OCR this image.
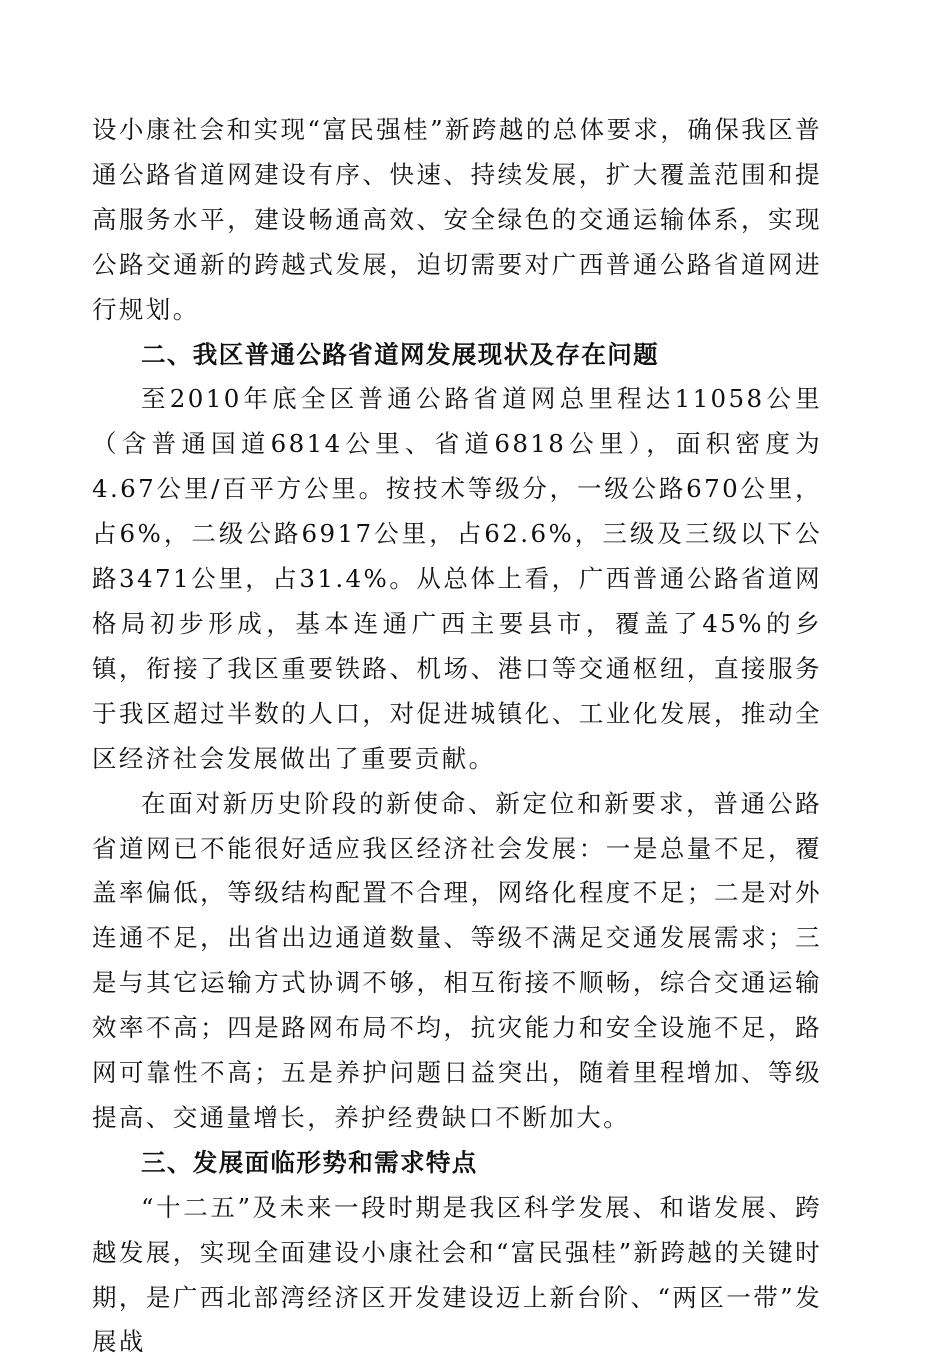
设小康社会和实现“富民强桂”新跨越的总体要求，确保我区普通公路省道网建设有序、快速、持续发展，扩大覆盖范围和提高服务水平，建设畅通高效、安全绿色的交通运输体系，实现公路交通新的跨越式发展，迫切需要对广西普通公路省道网进行规划。

二、我区普通公路省道网发展现状及存在问题

至2010年底全区普通公路省道网总里程达11058公里（含普通国道6814公里、省道6818公里），面积密度为4.67公里/百平方公里。按技术等级分，一级公路670公里，占6%，二级公路6917公里，占62.6%，三级及三级以下公路3471公里，占31.4%。从总体上看，广西普通公路省道网格局初步形成，基本连通广西主要县市，覆盖了45%的乡镇，衔接了我区重要铁路、机场、港口等交通枢纽，直接服务于我区超过半数的人口，对促进城镇化、工业化发展，推动全区经济社会发展做出了重要贡献。

在面对新历史阶段的新使命、新定位和新要求，普通公路省道网已不能很好适应我区经济社会发展：一是总量不足，覆盖率偏低，等级结构配置不合理，网络化程度不足；二是对外连通不足，出省出边通道数量、等级不满足交通发展需求；三是与其它运输方式协调不够，相互衔接不顺畅，综合交通运输效率不高；四是路网布局不均，抗灾能力和安全设施不足，路网可靠性不高；五是养护问题日益突出，随着里程增加、等级提高、交通量增长，养护经费缺口不断加大。

三、发展面临形势和需求特点

“十二五”及未来一段时期是我区科学发展、和谐发展、跨越发展，实现全面建设小康社会和“富民强桂”新跨越的关键时期，是广西北部湾经济区开发建设迈上新台阶、“两区一带”发展战
